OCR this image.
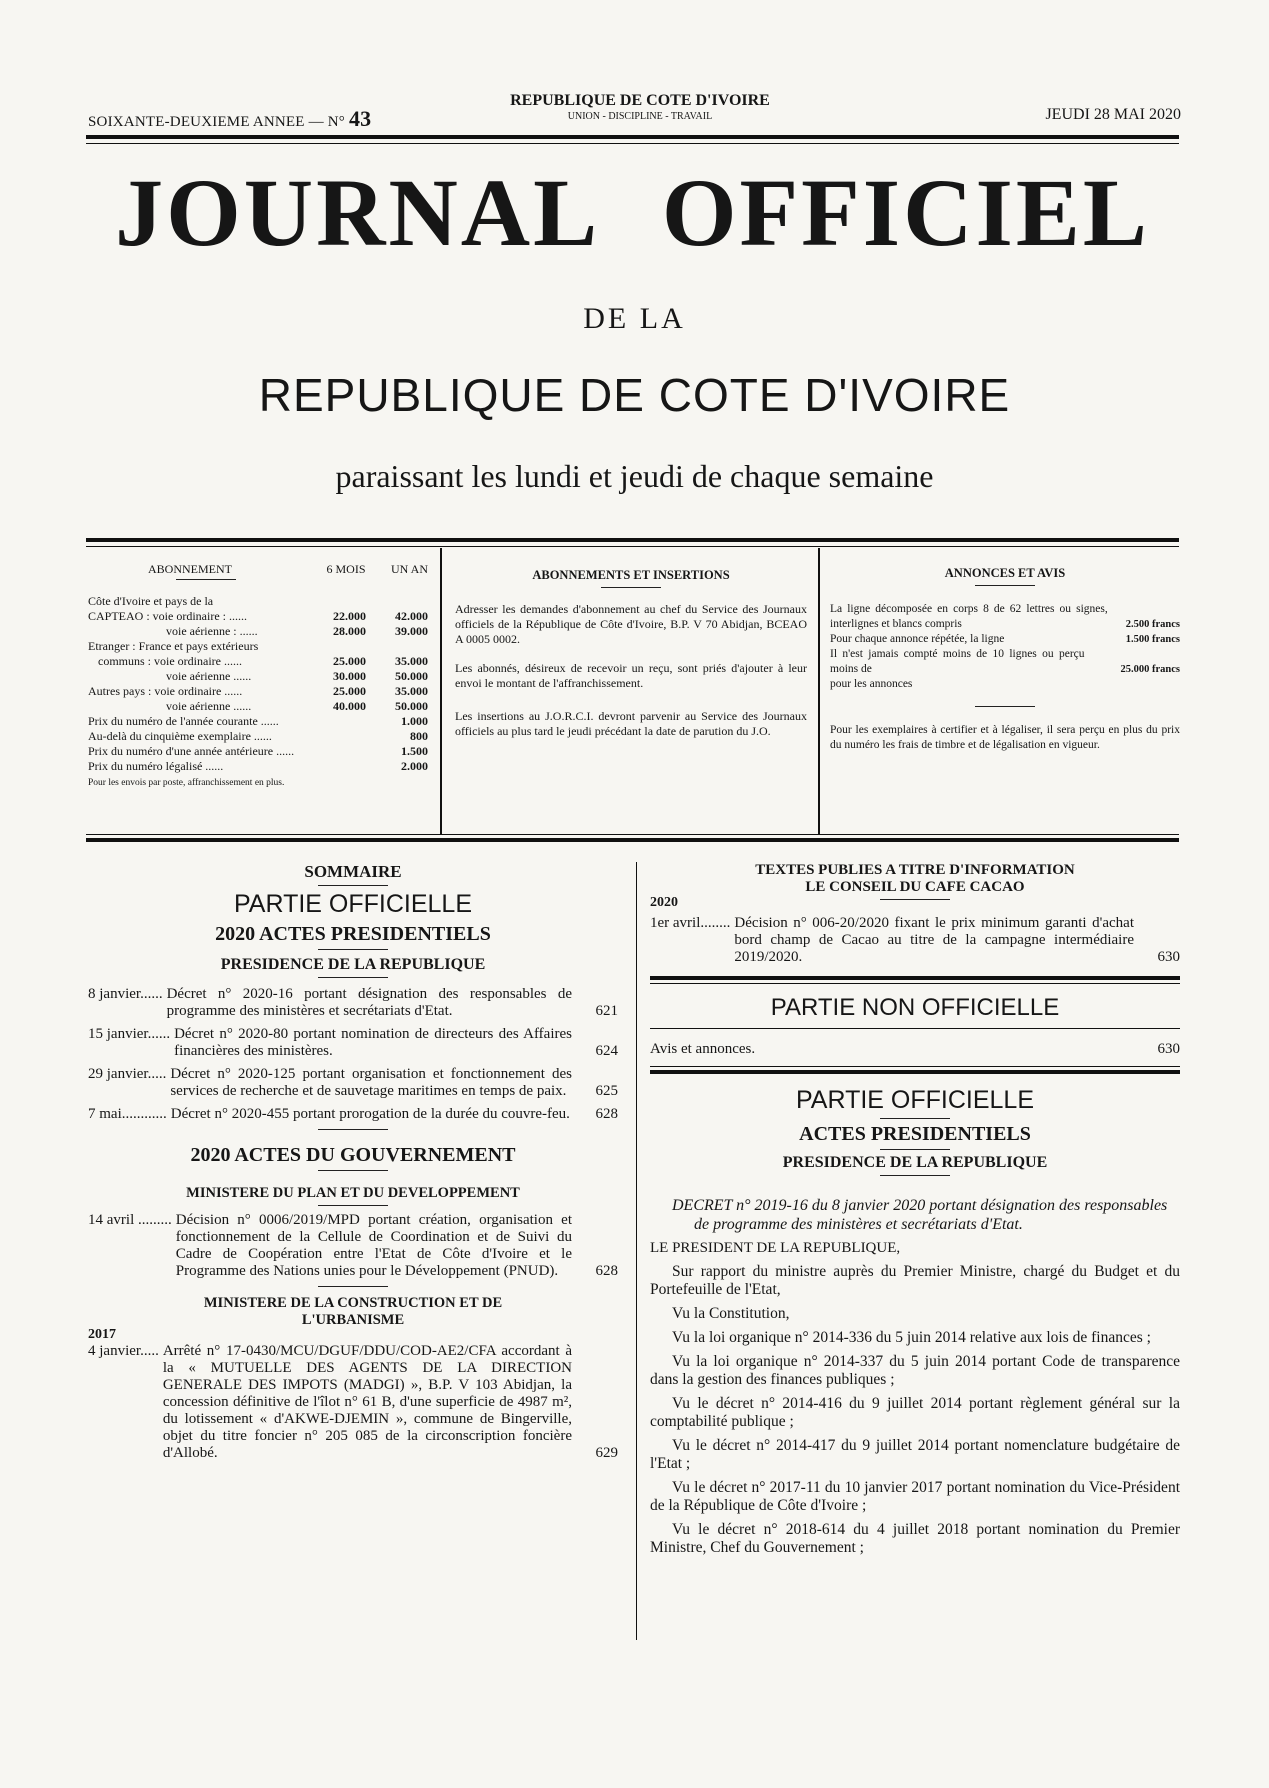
SOIXANTE-DEUXIEME ANNEE — N° 43
REPUBLIQUE DE COTE D'IVOIRE
UNION - DISCIPLINE - TRAVAIL	JEUDI 28 MAI 2020
JOURNAL OFFICIEL
DE LA
REPUBLIQUE DE COTE D'IVOIRE
paraissant les lundi et jeudi de chaque semaine
ABONNEMENT	6 MOIS UN AN
Côte d'Ivoire et pays de la
CAPTEAO : voie ordinaire : ......	22.000 42.000
voie aérienne : ......	28.000 39.000
Etranger : France et pays extérieurs
communs : voie ordinaire ......	25.000 35.000
voie aérienne ......	30.000 50.000
Autres pays : voie ordinaire ......	25.000 35.000
voie aérienne ......	40.000 50.000
Prix du numéro de l'année courante ......	1.000
Au-delà du cinquième exemplaire ......	800
Prix du numéro d'une année antérieure ......	1.500
Prix du numéro légalisé ......	2.000
Pour les envois par poste, affranchissement en plus.
ABONNEMENTS ET INSERTIONS
Adresser les demandes d'abonnement au chef du Service des Journaux officiels de la République de Côte d'Ivoire, B.P. V 70 Abidjan, BCEAO A 0005 0002.
Les abonnés, désireux de recevoir un reçu, sont priés d'ajouter à leur envoi le montant de l'affranchissement.
Les insertions au J.O.R.C.I. devront parvenir au Service des Journaux officiels au plus tard le jeudi précédant la date de parution du J.O.
ANNONCES ET AVIS
La ligne décomposée en corps 8 de 62 lettres ou signes, interlignes et blancs compris	2.500 francs
Pour chaque annonce répétée, la ligne	1.500 francs
Il n'est jamais compté moins de 10 lignes ou perçu moins de	25.000 francs
pour les annonces
Pour les exemplaires à certifier et à légaliser, il sera perçu en plus du prix du numéro les frais de timbre et de légalisation en vigueur.
SOMMAIRE
PARTIE OFFICIELLE
2020 ACTES PRESIDENTIELS
PRESIDENCE DE LA REPUBLIQUE
8 janvier...... Décret n° 2020-16 portant désignation des responsables de programme des ministères et secrétariats d'Etat.	621
15 janvier...... Décret n° 2020-80 portant nomination de directeurs des Affaires financières des ministères.	624
29 janvier..... Décret n° 2020-125 portant organisation et fonctionnement des services de recherche et de sauvetage maritimes en temps de paix.	625
7 mai............ Décret n° 2020-455 portant prorogation de la durée du couvre-feu.	628
2020 ACTES DU GOUVERNEMENT
MINISTERE DU PLAN ET DU DEVELOPPEMENT
14 avril ......... Décision n° 0006/2019/MPD portant création, organisation et fonctionnement de la Cellule de Coordination et de Suivi du Cadre de Coopération entre l'Etat de Côte d'Ivoire et le Programme des Nations unies pour le Développement (PNUD).	628
MINISTERE DE LA CONSTRUCTION ET DE L'URBANISME
2017
4 janvier..... Arrêté n° 17-0430/MCU/DGUF/DDU/COD-AE2/CFA accordant à la « MUTUELLE DES AGENTS DE LA DIRECTION GENERALE DES IMPOTS (MADGI) », B.P. V 103 Abidjan, la concession définitive de l'îlot n° 61 B, d'une superficie de 4987 m², du lotissement « d'AKWE-DJEMIN », commune de Bingerville, objet du titre foncier n° 205 085 de la circonscription foncière d'Allobé.	629
TEXTES PUBLIES A TITRE D'INFORMATION
LE CONSEIL DU CAFE CACAO
2020
1er avril........ Décision n° 006-20/2020 fixant le prix minimum garanti d'achat bord champ de Cacao au titre de la campagne intermédiaire 2019/2020.	630
PARTIE NON OFFICIELLE
Avis et annonces.	630
PARTIE OFFICIELLE
ACTES PRESIDENTIELS
PRESIDENCE DE LA REPUBLIQUE
DECRET n° 2019-16 du 8 janvier 2020 portant désignation des responsables de programme des ministères et secrétariats d'Etat.
LE PRESIDENT DE LA REPUBLIQUE,

Sur rapport du ministre auprès du Premier Ministre, chargé du Budget et du Portefeuille de l'Etat,

Vu la Constitution,

Vu la loi organique n° 2014-336 du 5 juin 2014 relative aux lois de finances ;

Vu la loi organique n° 2014-337 du 5 juin 2014 portant Code de transparence dans la gestion des finances publiques ;

Vu le décret n° 2014-416 du 9 juillet 2014 portant règlement général sur la comptabilité publique ;

Vu le décret n° 2014-417 du 9 juillet 2014 portant nomenclature budgétaire de l'Etat ;

Vu le décret n° 2017-11 du 10 janvier 2017 portant nomination du Vice-Président de la République de Côte d'Ivoire ;

Vu le décret n° 2018-614 du 4 juillet 2018 portant nomination du Premier Ministre, Chef du Gouvernement ;
